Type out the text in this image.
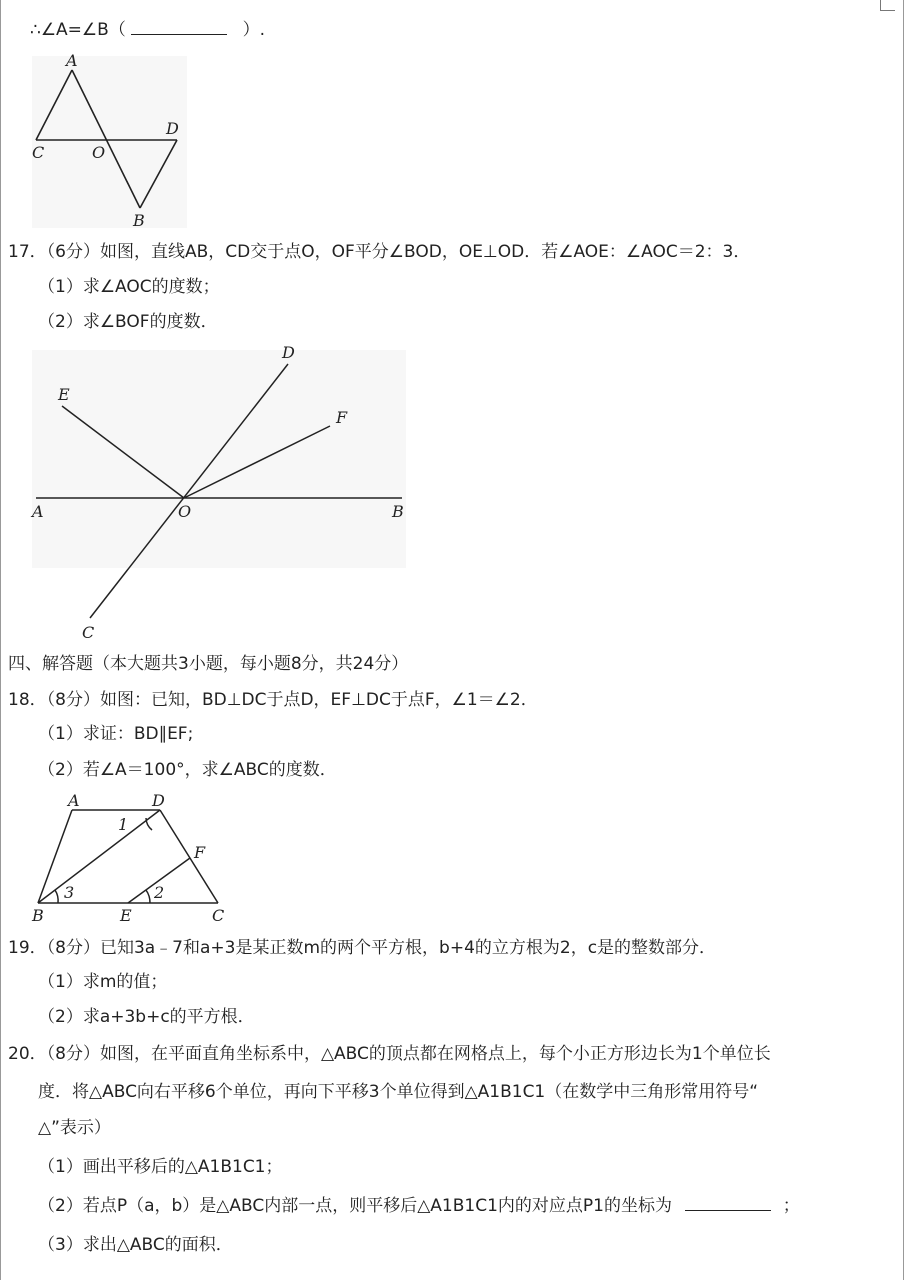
∴∠A=∠B（	）.
A
C	O
D
B
17．（6分）如图，直线AB，CD交于点O，OF平分∠BOD，OE⊥OD．若∠AOE：∠AOC＝2：3．
（1）求∠AOC的度数；
（2）求∠BOF的度数．
D
E
F
A	O	B
C
四、解答题（本大题共3小题，每小题8分，共24分）
18．（8分）如图：已知，BD⊥DC于点D，EF⊥DC于点F，∠1＝∠2．
（1）求证：BD∥EF;
（2）若∠A＝100°，求∠ABC的度数．
A	D
1
F
3	2
B	E	C
19．（8分）已知3a﹣7和a+3是某正数m的两个平方根，b+4的立方根为2，c是的整数部分．
（1）求m的值；
（2）求a+3b+c的平方根．
20．（8分）如图，在平面直角坐标系中，△ABC的顶点都在网格点上，每个小正方形边长为1个单位长
度．将△ABC向右平移6个单位，再向下平移3个单位得到△A1B1C1（在数学中三角形常用符号“
△”表示）
（1）画出平移后的△A1B1C1；
（2）若点P（a，b）是△ABC内部一点，则平移后△A1B1C1内的对应点P1的坐标为	；
（3）求出△ABC的面积．
